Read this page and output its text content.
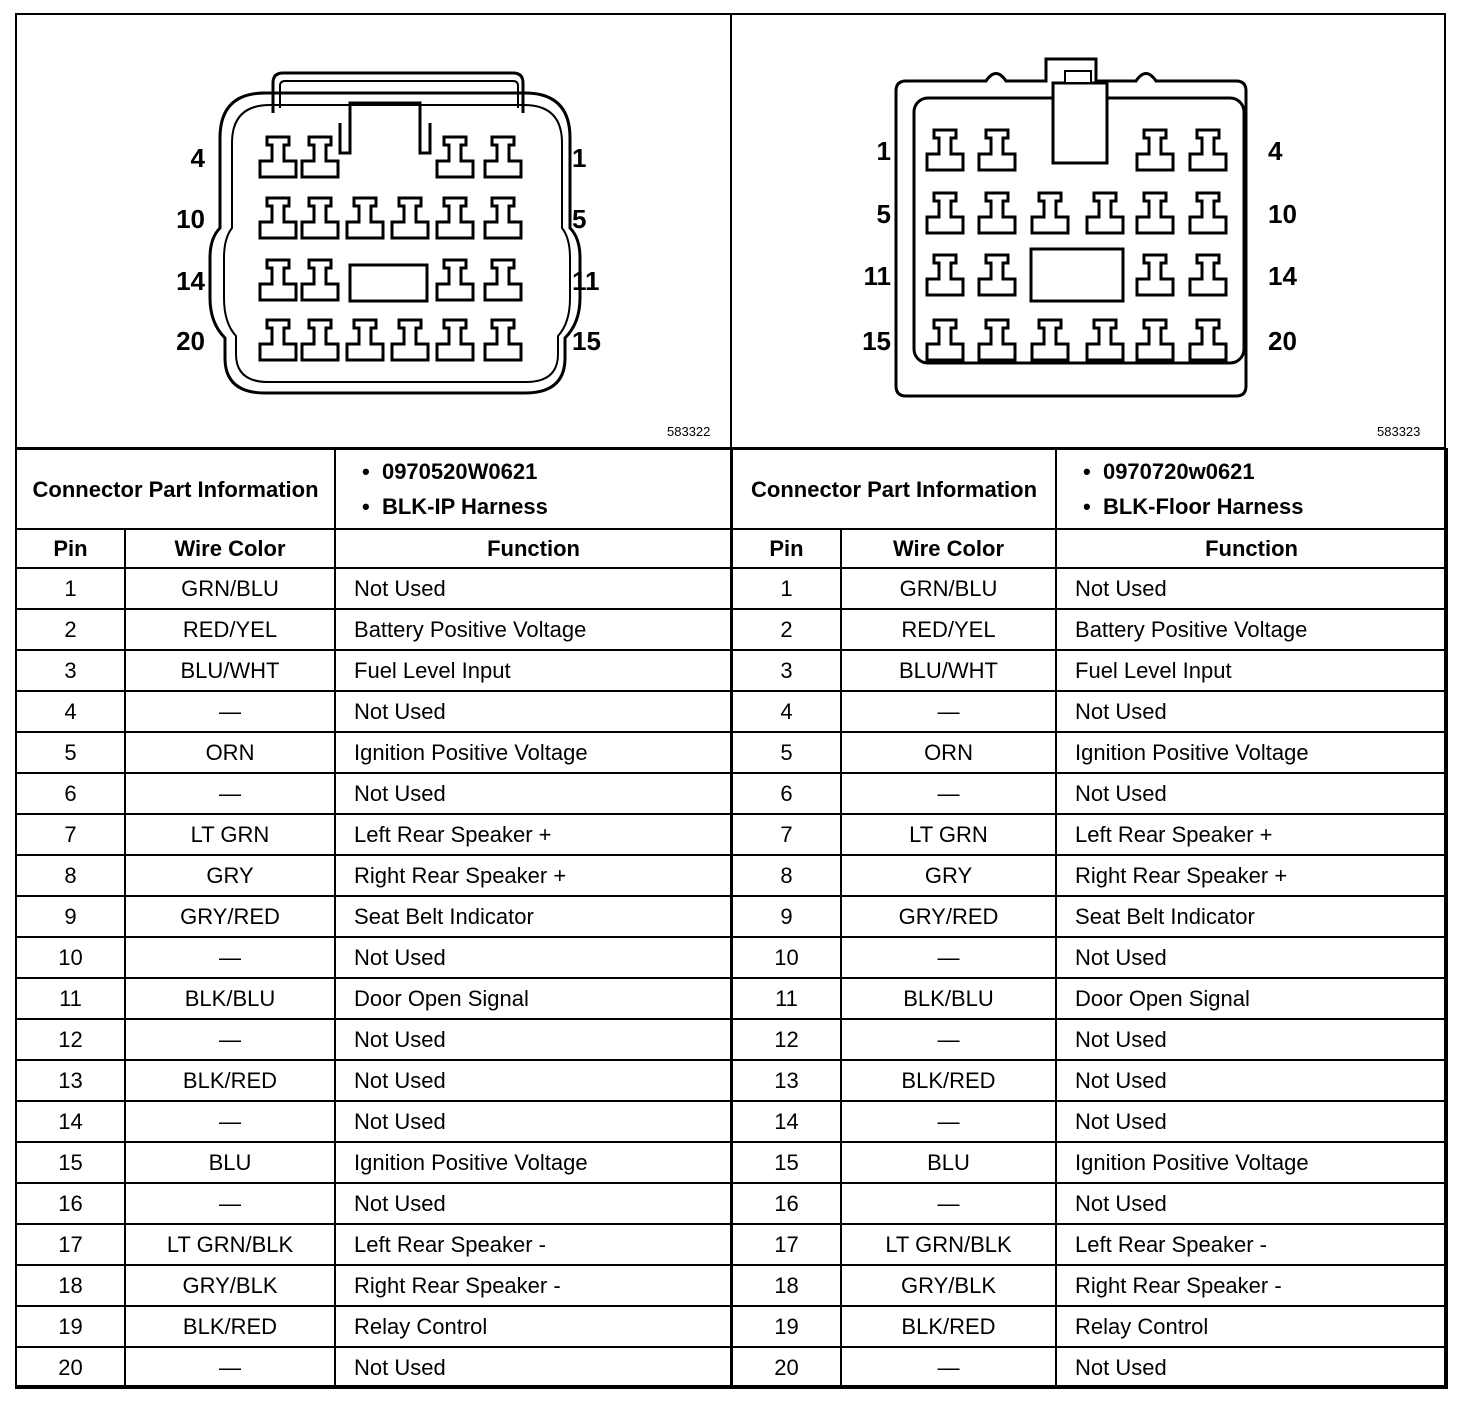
4	1
10	5
14	11
20	15
1	4
5	10
11	14
15	20
583322	583323
Connector Part Information		•  0970520W0621
•  BLK-IP Harness

Pin	Wire Color	Function
1	GRN/BLU	Not Used
2	RED/YEL	Battery Positive Voltage
3	BLU/WHT	Fuel Level Input
4	—	Not Used
5	ORN	Ignition Positive Voltage
6	—	Not Used
7	LT GRN	Left Rear Speaker +
8	GRY	Right Rear Speaker +
9	GRY/RED	Seat Belt Indicator
10	—	Not Used
11	BLK/BLU	Door Open Signal
12	—	Not Used
13	BLK/RED	Not Used
14	—	Not Used
15	BLU	Ignition Positive Voltage
16	—	Not Used
17	LT GRN/BLK	Left Rear Speaker -
18	GRY/BLK	Right Rear Speaker -
19	BLK/RED	Relay Control
20	—	Not Used
Connector Part Information		•  0970720w0621
•  BLK-Floor Harness

Pin	Wire Color	Function
1	GRN/BLU	Not Used
2	RED/YEL	Battery Positive Voltage
3	BLU/WHT	Fuel Level Input
4	—	Not Used
5	ORN	Ignition Positive Voltage
6	—	Not Used
7	LT GRN	Left Rear Speaker +
8	GRY	Right Rear Speaker +
9	GRY/RED	Seat Belt Indicator
10	—	Not Used
11	BLK/BLU	Door Open Signal
12	—	Not Used
13	BLK/RED	Not Used
14	—	Not Used
15	BLU	Ignition Positive Voltage
16	—	Not Used
17	LT GRN/BLK	Left Rear Speaker -
18	GRY/BLK	Right Rear Speaker -
19	BLK/RED	Relay Control
20	—	Not Used
